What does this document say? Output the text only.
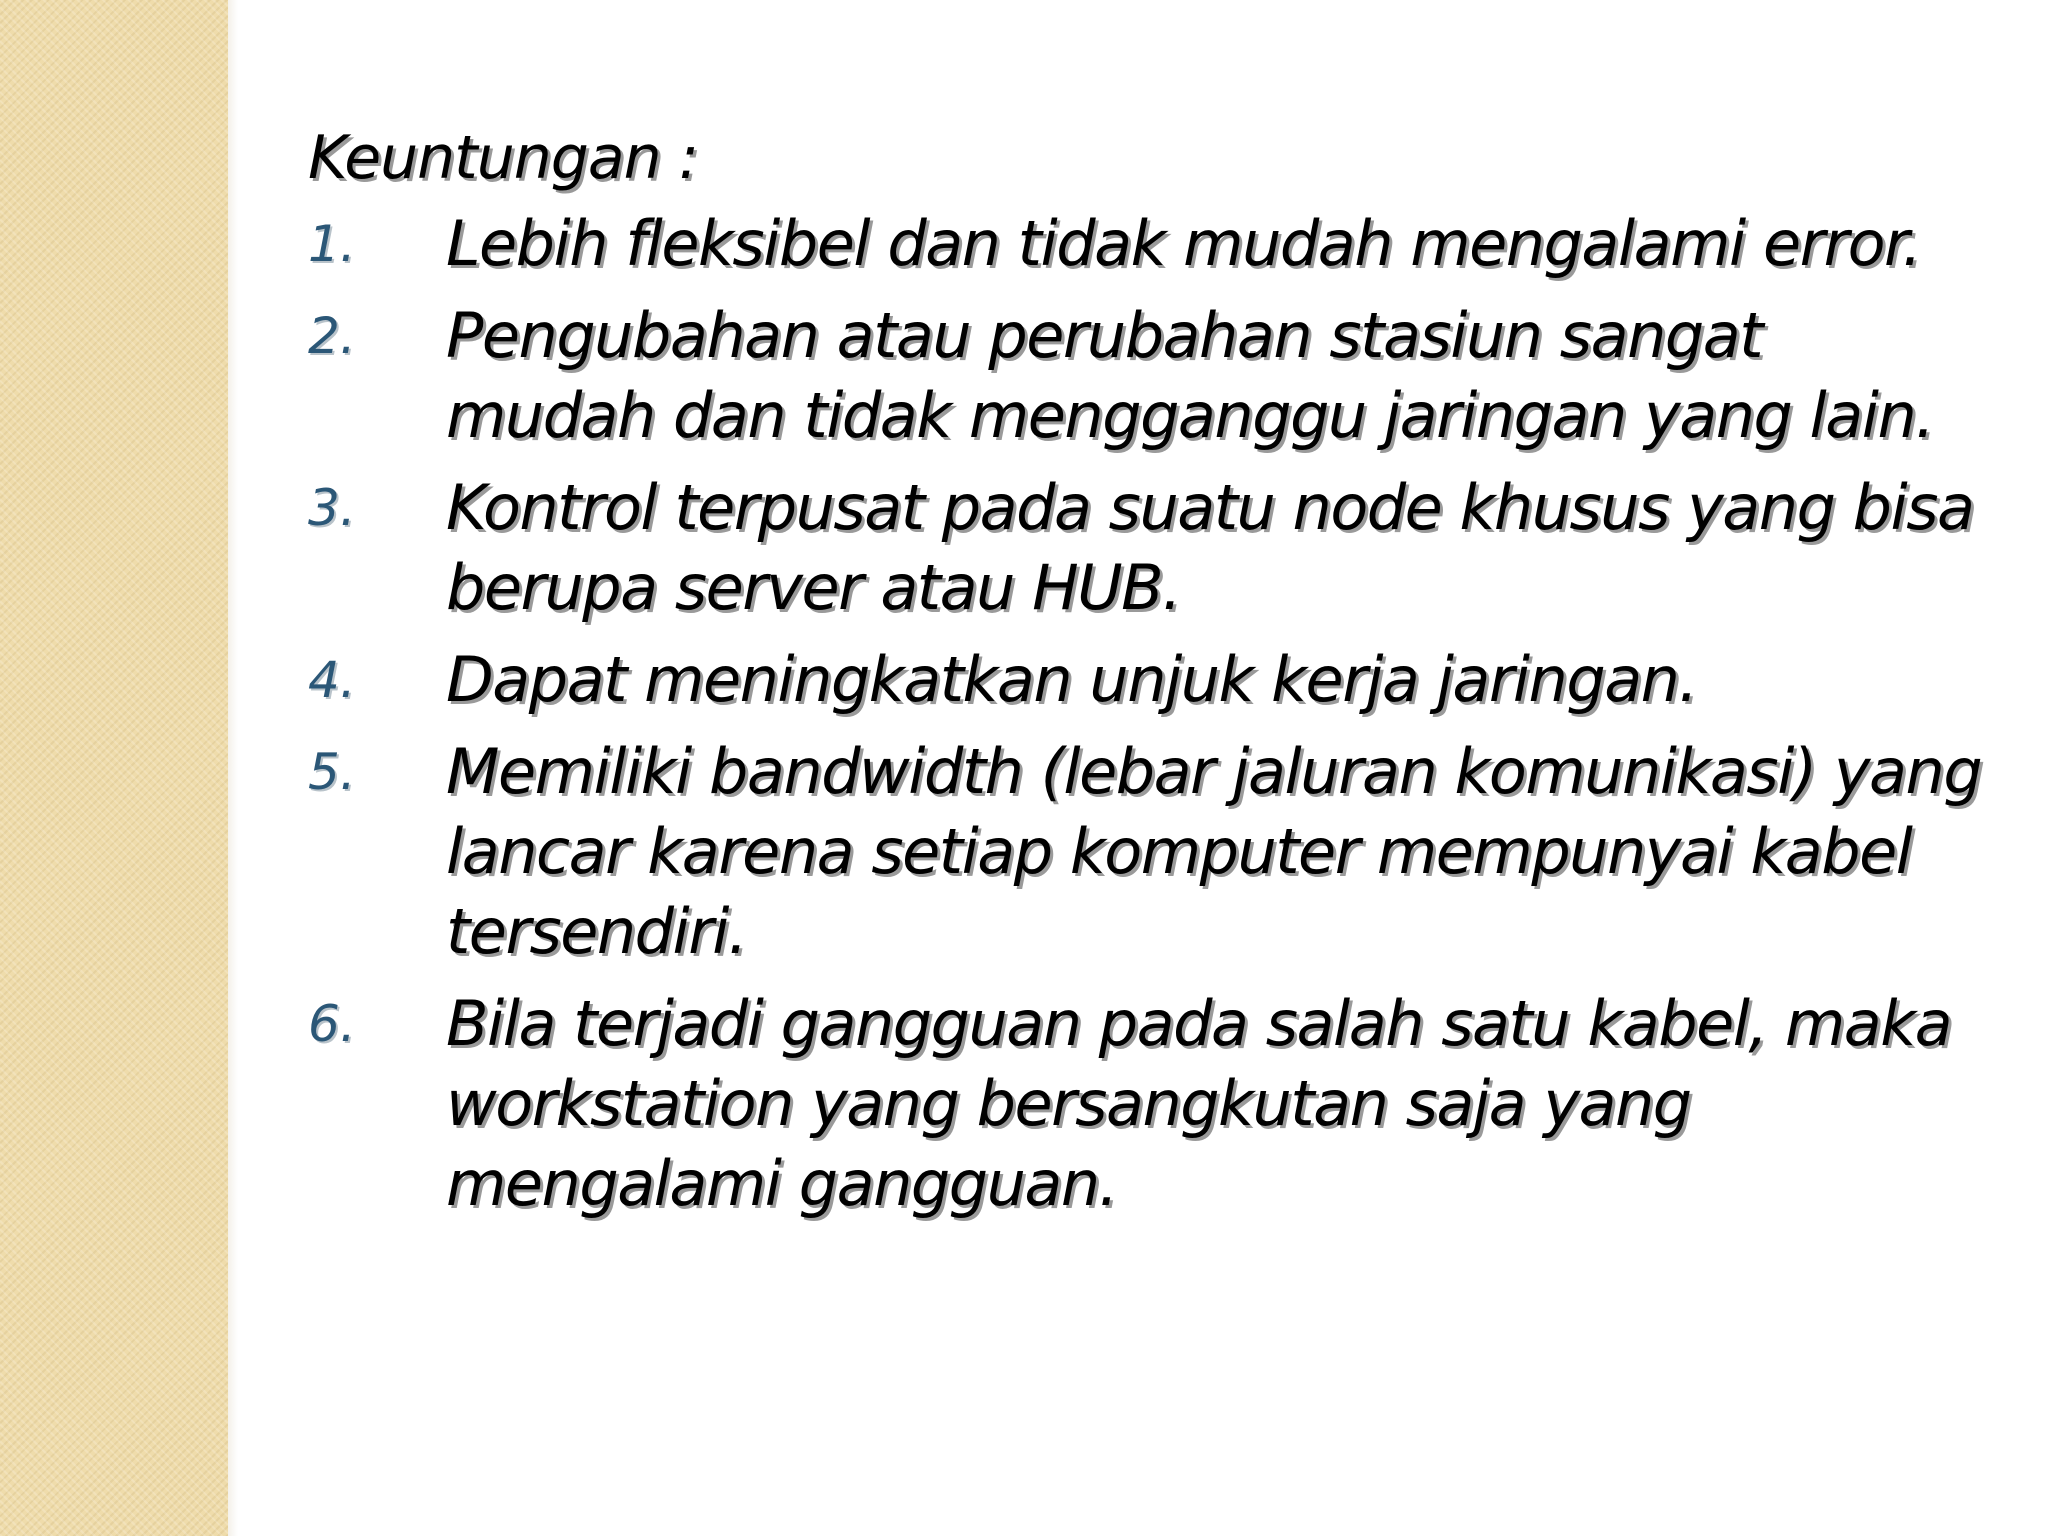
Keuntungan :
1.	Lebih fleksibel dan tidak mudah mengalami error.
2.	Pengubahan atau perubahan stasiun sangat mudah dan tidak mengganggu jaringan yang lain.
3.	Kontrol terpusat pada suatu node khusus yang bisa berupa server atau HUB.
4.	Dapat meningkatkan unjuk kerja jaringan.
5.	Memiliki bandwidth (lebar jaluran komunikasi) yang lancar karena setiap komputer mempunyai kabel tersendiri.
6.	Bila terjadi gangguan pada salah satu kabel, maka workstation yang bersangkutan saja yang mengalami gangguan.
